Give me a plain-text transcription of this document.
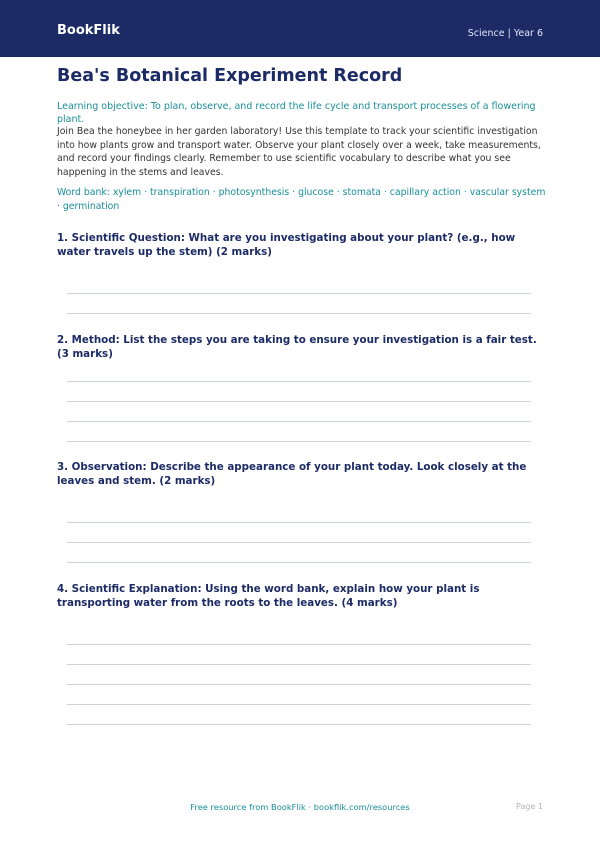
BookFlik	Science | Year 6
Bea's Botanical Experiment Record
Learning objective: To plan, observe, and record the life cycle and transport processes of a flowering plant.
Join Bea the honeybee in her garden laboratory! Use this template to track your scientific investigation into how plants grow and transport water. Observe your plant closely over a week, take measurements, and record your findings clearly. Remember to use scientific vocabulary to describe what you see happening in the stems and leaves.
Word bank: xylem · transpiration · photosynthesis · glucose · stomata · capillary action · vascular system · germination
1. Scientific Question: What are you investigating about your plant? (e.g., how water travels up the stem) (2 marks)
2. Method: List the steps you are taking to ensure your investigation is a fair test. (3 marks)
3. Observation: Describe the appearance of your plant today. Look closely at the leaves and stem. (2 marks)
4. Scientific Explanation: Using the word bank, explain how your plant is transporting water from the roots to the leaves. (4 marks)
Free resource from BookFlik · bookflik.com/resources	Page 1
